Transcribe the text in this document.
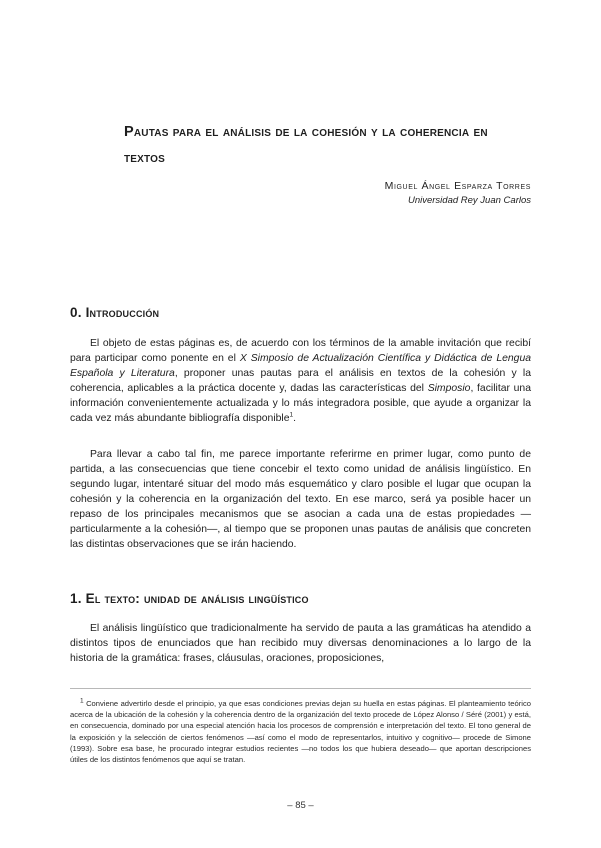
Pautas para el análisis de la cohesión y la coherencia en textos
Miguel Ángel Esparza Torres
Universidad Rey Juan Carlos
0. Introducción

El objeto de estas páginas es, de acuerdo con los términos de la amable invitación que recibí para participar como ponente en el X Simposio de Actualización Científica y Didáctica de Lengua Española y Literatura, proponer unas pautas para el análisis en textos de la cohesión y la coherencia, aplicables a la práctica docente y, dadas las características del Simposio, facilitar una información convenientemente actualizada y lo más integradora posible, que ayude a organizar la cada vez más abundante bibliografía disponible$^1$.

Para llevar a cabo tal fin, me parece importante referirme en primer lugar, como punto de partida, a las consecuencias que tiene concebir el texto como unidad de análisis lingüístico. En segundo lugar, intentaré situar del modo más esquemático y claro posible el lugar que ocupan la cohesión y la coherencia en la organización del texto. En ese marco, será ya posible hacer un repaso de los principales mecanismos que se asocian a cada una de estas propiedades —particularmente a la cohesión—, al tiempo que se proponen unas pautas de análisis que concreten las distintas observaciones que se irán haciendo.

1. El texto: unidad de análisis lingüístico

El análisis lingüístico que tradicionalmente ha servido de pauta a las gramáticas ha atendido a distintos tipos de enunciados que han recibido muy diversas denominaciones a lo largo de la historia de la gramática: frases, cláusulas, oraciones, proposiciones,

$^1$ Conviene advertirlo desde el principio, ya que esas condiciones previas dejan su huella en estas páginas. El planteamiento teórico acerca de la ubicación de la cohesión y la coherencia dentro de la organización del texto procede de López Alonso / Séré (2001) y está, en consecuencia, dominado por una especial atención hacia los procesos de comprensión e interpretación del texto. El tono general de la exposición y la selección de ciertos fenómenos —así como el modo de representarlos, intuitivo y cognitivo— procede de Simone (1993). Sobre esa base, he procurado integrar estudios recientes —no todos los que hubiera deseado— que aportan descripciones útiles de los distintos fenómenos que aquí se tratan.

– 85 –
